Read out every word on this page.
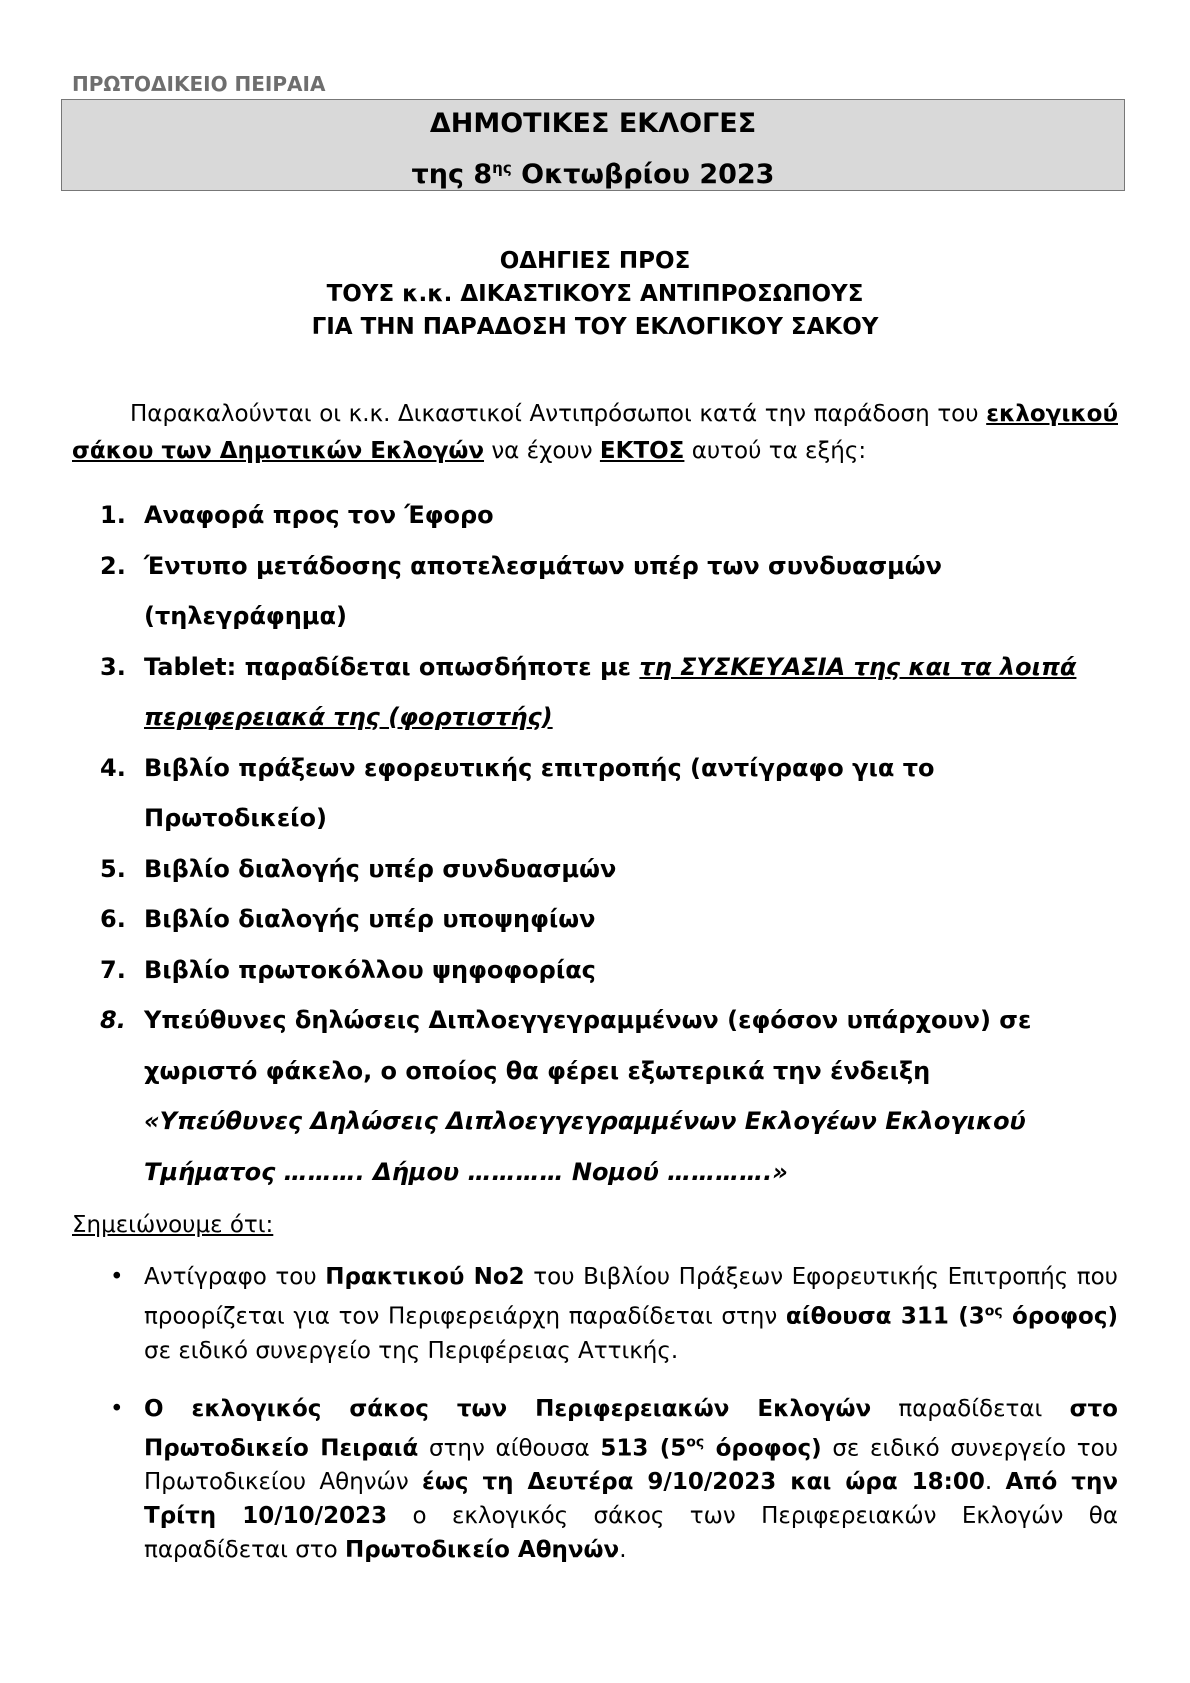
ΠΡΩΤΟΔΙΚΕΙΟ ΠΕΙΡΑΙΑ
ΔΗΜΟΤΙΚΕΣ ΕΚΛΟΓΕΣ
της $8^{\eta\varsigma}$ Οκτωβρίου 2023
ΟΔΗΓΙΕΣ ΠΡΟΣ
ΤΟΥΣ κ.κ. ΔΙΚΑΣΤΙΚΟΥΣ ΑΝΤΙΠΡΟΣΩΠΟΥΣ
ΓΙΑ ΤΗΝ ΠΑΡΑΔΟΣΗ ΤΟΥ ΕΚΛΟΓΙΚΟΥ ΣΑΚΟΥ
Παρακαλούνται οι κ.κ. Δικαστικοί Αντιπρόσωποι κατά την παράδοση του εκλογικού σάκου των Δημοτικών Εκλογών να έχουν ΕΚΤΟΣ αυτού τα εξής:
1. Αναφορά προς τον Έφορο
2. Έντυπο μετάδοσης αποτελεσμάτων υπέρ των συνδυασμών
(τηλεγράφημα)
3. Tablet: παραδίδεται οπωσδήποτε με τη ΣΥΣΚΕΥΑΣΙΑ της και τα λοιπά
περιφερειακά της (φορτιστής)
4. Βιβλίο πράξεων εφορευτικής επιτροπής (αντίγραφο για το
Πρωτοδικείο)
5. Βιβλίο διαλογής υπέρ συνδυασμών
6. Βιβλίο διαλογής υπέρ υποψηφίων
7. Βιβλίο πρωτοκόλλου ψηφοφορίας
8. Υπεύθυνες δηλώσεις Διπλοεγγεγραμμένων (εφόσον υπάρχουν) σε
χωριστό φάκελο, ο οποίος θα φέρει εξωτερικά την ένδειξη
«Υπεύθυνες Δηλώσεις Διπλοεγγεγραμμένων Εκλογέων Εκλογικού
Τμήματος ………. Δήμου ………… Νομού ………….»
Σημειώνουμε ότι:
• Αντίγραφο του Πρακτικού Νο2 του Βιβλίου Πράξεων Εφορευτικής Επιτροπής που προορίζεται για τον Περιφερειάρχη παραδίδεται στην αίθουσα 311 ($3^{o\varsigma}$ όροφος) σε ειδικό συνεργείο της Περιφέρειας Αττικής.
• Ο εκλογικός σάκος των Περιφερειακών Εκλογών παραδίδεται στο Πρωτοδικείο Πειραιά στην αίθουσα 513 ($5^{o\varsigma}$ όροφος) σε ειδικό συνεργείο του Πρωτοδικείου Αθηνών έως τη Δευτέρα 9/10/2023 και ώρα 18:00. Από την Τρίτη 10/10/2023 ο εκλογικός σάκος των Περιφερειακών Εκλογών θα παραδίδεται στο Πρωτοδικείο Αθηνών.
